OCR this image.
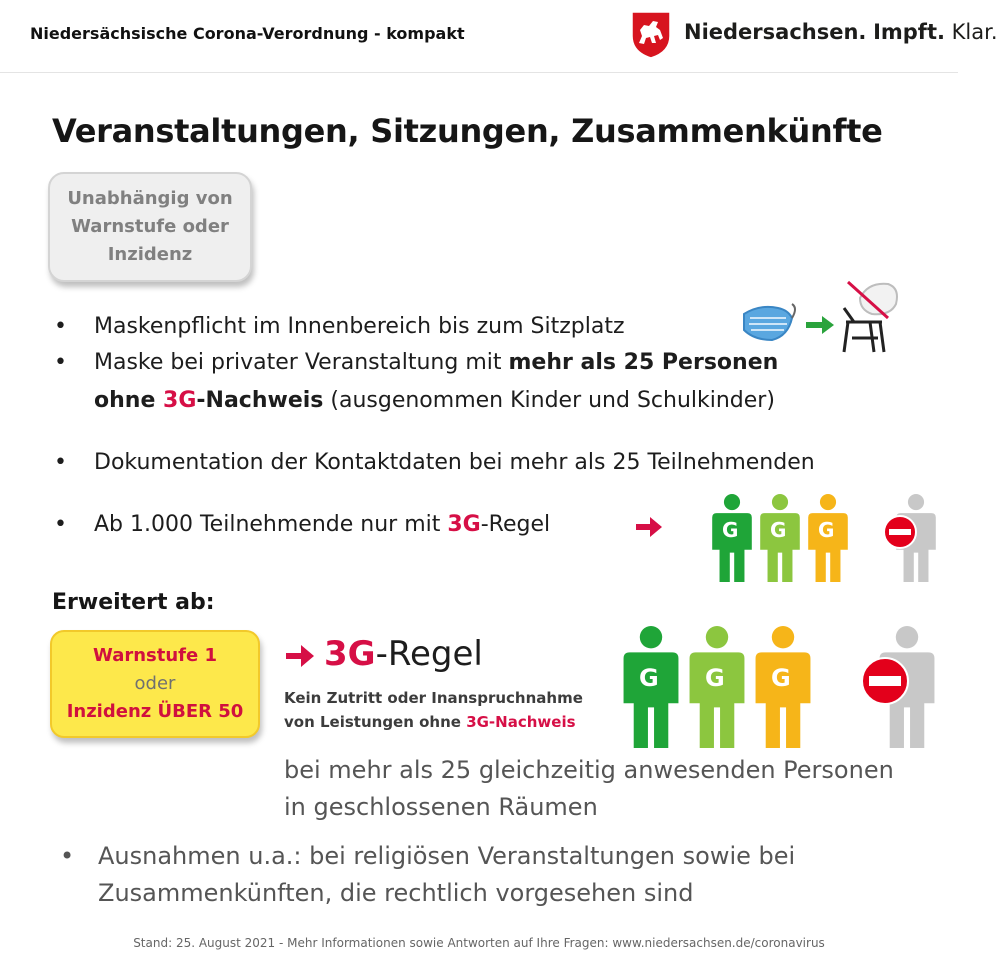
Niedersächsische Corona-Verordnung - kompakt	Niedersachsen. Impft. Klar.
Veranstaltungen, Sitzungen, Zusammenkünfte
Unabhängig von
Warnstufe oder
Inzidenz
• Maskenpflicht im Innenbereich bis zum Sitzplatz
• Maske bei privater Veranstaltung mit mehr als 25 Personen
ohne 3G-Nachweis (ausgenommen Kinder und Schulkinder)
• Dokumentation der Kontaktdaten bei mehr als 25 Teilnehmenden
• Ab 1.000 Teilnehmende nur mit 3G-Regel	G G G
Erweitert ab:
Warnstufe 1
oder
Inzidenz ÜBER 50
3G-Regel
Kein Zutritt oder Inanspruchnahme
von Leistungen ohne 3G-Nachweis
G G G
bei mehr als 25 gleichzeitig anwesenden Personen
in geschlossenen Räumen
• Ausnahmen u.a.: bei religiösen Veranstaltungen sowie bei
Zusammenkünften, die rechtlich vorgesehen sind
Stand: 25. August 2021 - Mehr Informationen sowie Antworten auf Ihre Fragen: www.niedersachsen.de/coronavirus
